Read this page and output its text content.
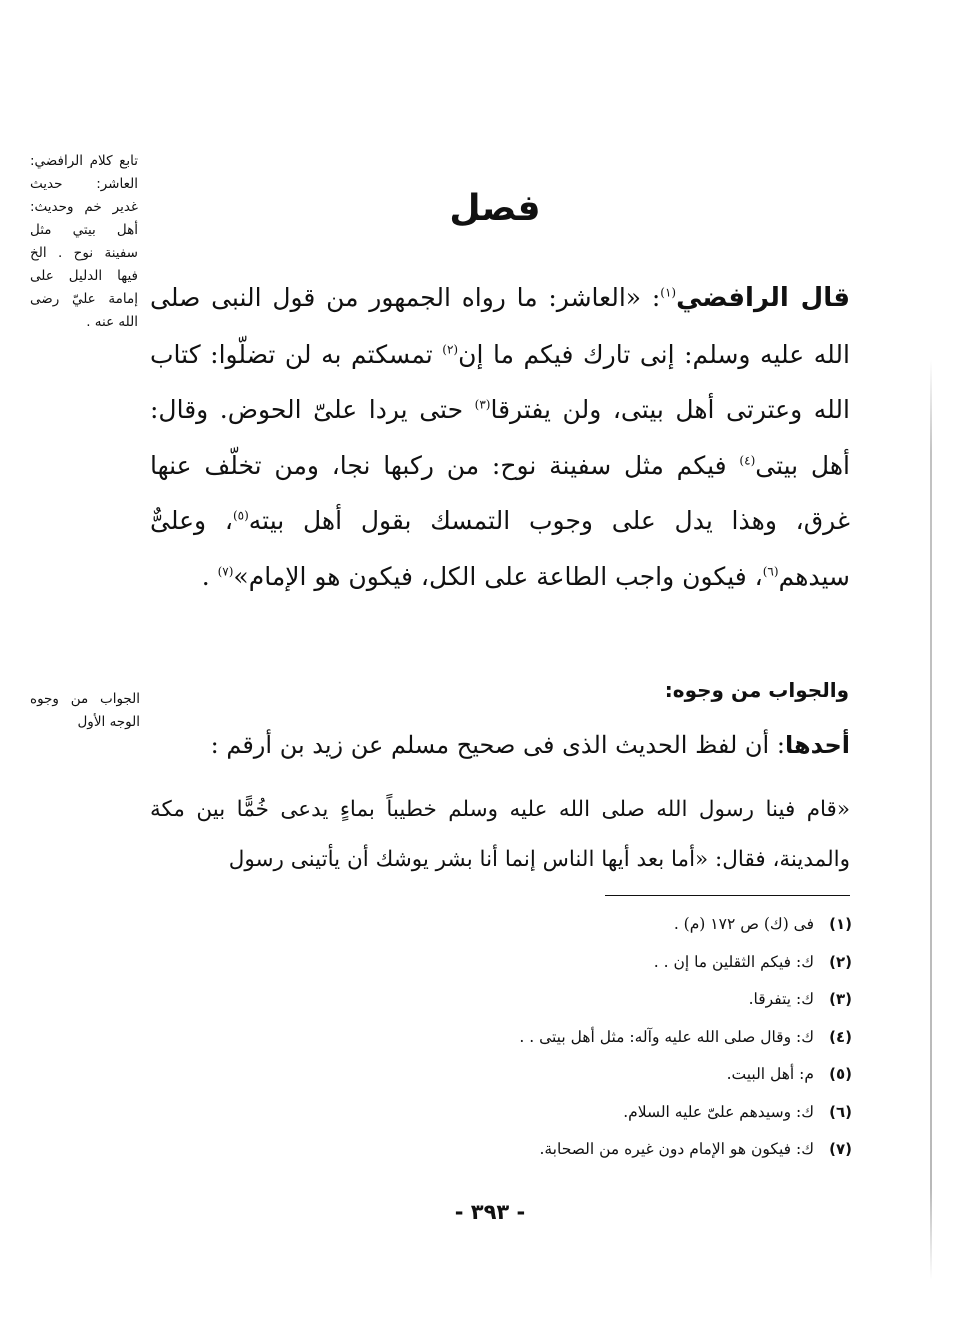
تابع كلام الرافضي: العاشر: حديث غدير خم وحديث: أهل بيتي مثل سفينة نوح . الخ فيها الدليل على إمامة عليّ رضى الله عنه .
الجواب من وجوه الوجه الأول
فصل

قال الرافضي$^{(١)}$: «العاشر: ما رواه الجمهور من قول النبى صلى الله عليه وسلم: إنى تارك فيكم ما إن$^{(٢)}$ تمسكتم به لن تضلّوا: كتاب الله وعترتى أهل بيتى، ولن يفترقا$^{(٣)}$ حتى يردا علىّ الحوض. وقال: أهل بيتى$^{(٤)}$ فيكم مثل سفينة نوح: من ركبها نجا، ومن تخلّف عنها غرق، وهذا يدل على وجوب التمسك بقول أهل بيته$^{(٥)}$، وعلىٌّ سيدهم$^{(٦)}$، فيكون واجب الطاعة على الكل، فيكون هو الإمام»$^{(٧)}$ .

والجواب من وجوه:
أحدها: أن لفظ الحديث الذى فى صحيح مسلم عن زيد بن أرقم :
«قام فينا رسول الله صلى الله عليه وسلم خطيباً بماءٍ يدعى خُمًّا بين مكة والمدينة، فقال: «أما بعد أيها الناس إنما أنا بشر يوشك أن يأتينى رسول
(١)
فى (ك) ص ١٧٢ (م) .
(٢)
ك: فيكم الثقلين ما إن . .
(٣)
ك: يتفرقا.
(٤)
ك: وقال صلى الله عليه وآله: مثل أهل بيتى . .
(٥)
م: أهل البيت.
(٦)
ك: وسيدهم علىّ عليه السلام.
(٧)
ك: فيكون هو الإمام دون غيره من الصحابة.
- ٣٩٣ -
